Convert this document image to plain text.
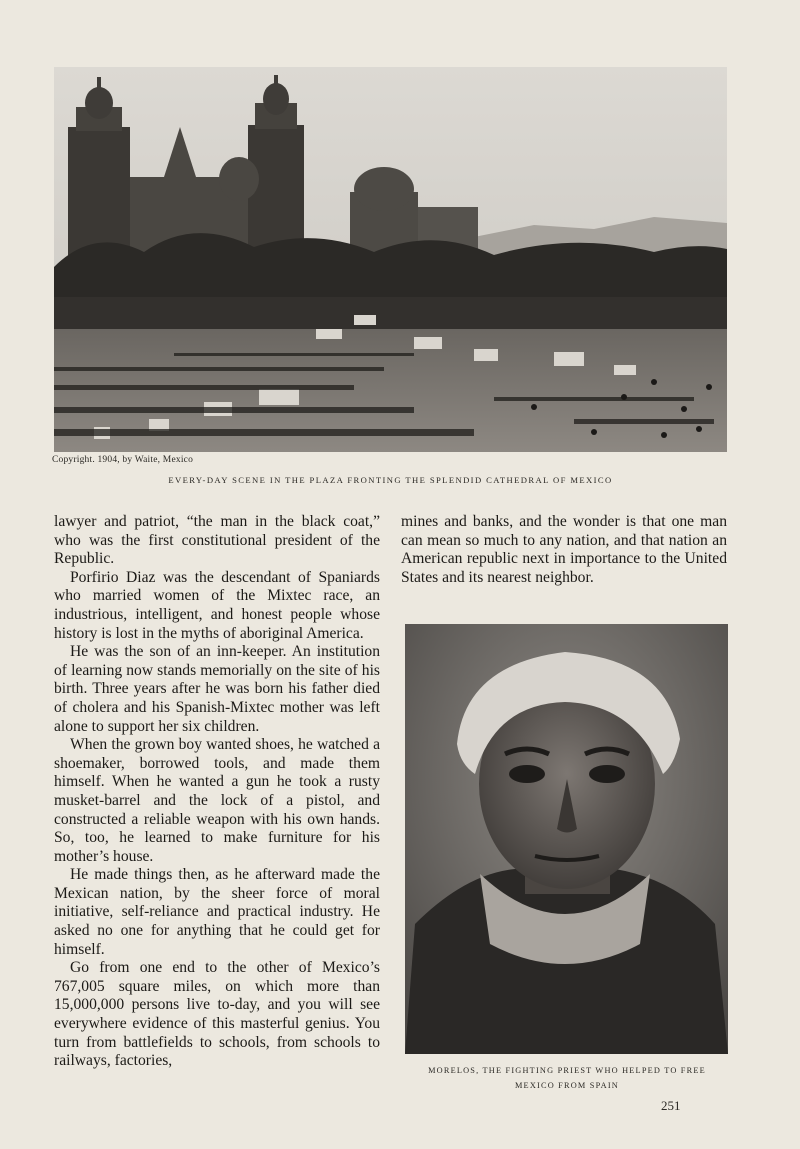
Copyright. 1904, by Waite, Mexico
EVERY-DAY SCENE IN THE PLAZA FRONTING THE SPLENDID CATHEDRAL OF MEXICO

lawyer and patriot, “the man in the black coat,” who was the first constitutional president of the Republic.

Porfirio Diaz was the descendant of Spaniards who married women of the Mixtec race, an industrious, intelligent, and honest people whose history is lost in the myths of aboriginal America.

He was the son of an inn-keeper. An institution of learning now stands memorially on the site of his birth. Three years after he was born his father died of cholera and his Spanish-Mixtec mother was left alone to support her six children.

When the grown boy wanted shoes, he watched a shoemaker, borrowed tools, and made them himself. When he wanted a gun he took a rusty musket-barrel and the lock of a pistol, and constructed a reliable weapon with his own hands. So, too, he learned to make furniture for his mother’s house.

He made things then, as he afterward made the Mexican nation, by the sheer force of moral initiative, self-reliance and practical industry. He asked no one for anything that he could get for himself.

Go from one end to the other of Mexico’s 767,005 square miles, on which more than 15,000,000 persons live to-day, and you will see everywhere evidence of this masterful genius. You turn from battlefields to schools, from schools to railways, factories,

mines and banks, and the wonder is that one man can mean so much to any nation, and that nation an American republic next in importance to the United States and its nearest neighbor.

MORELOS, THE FIGHTING PRIEST WHO HELPED TO FREE
MEXICO FROM SPAIN
251
